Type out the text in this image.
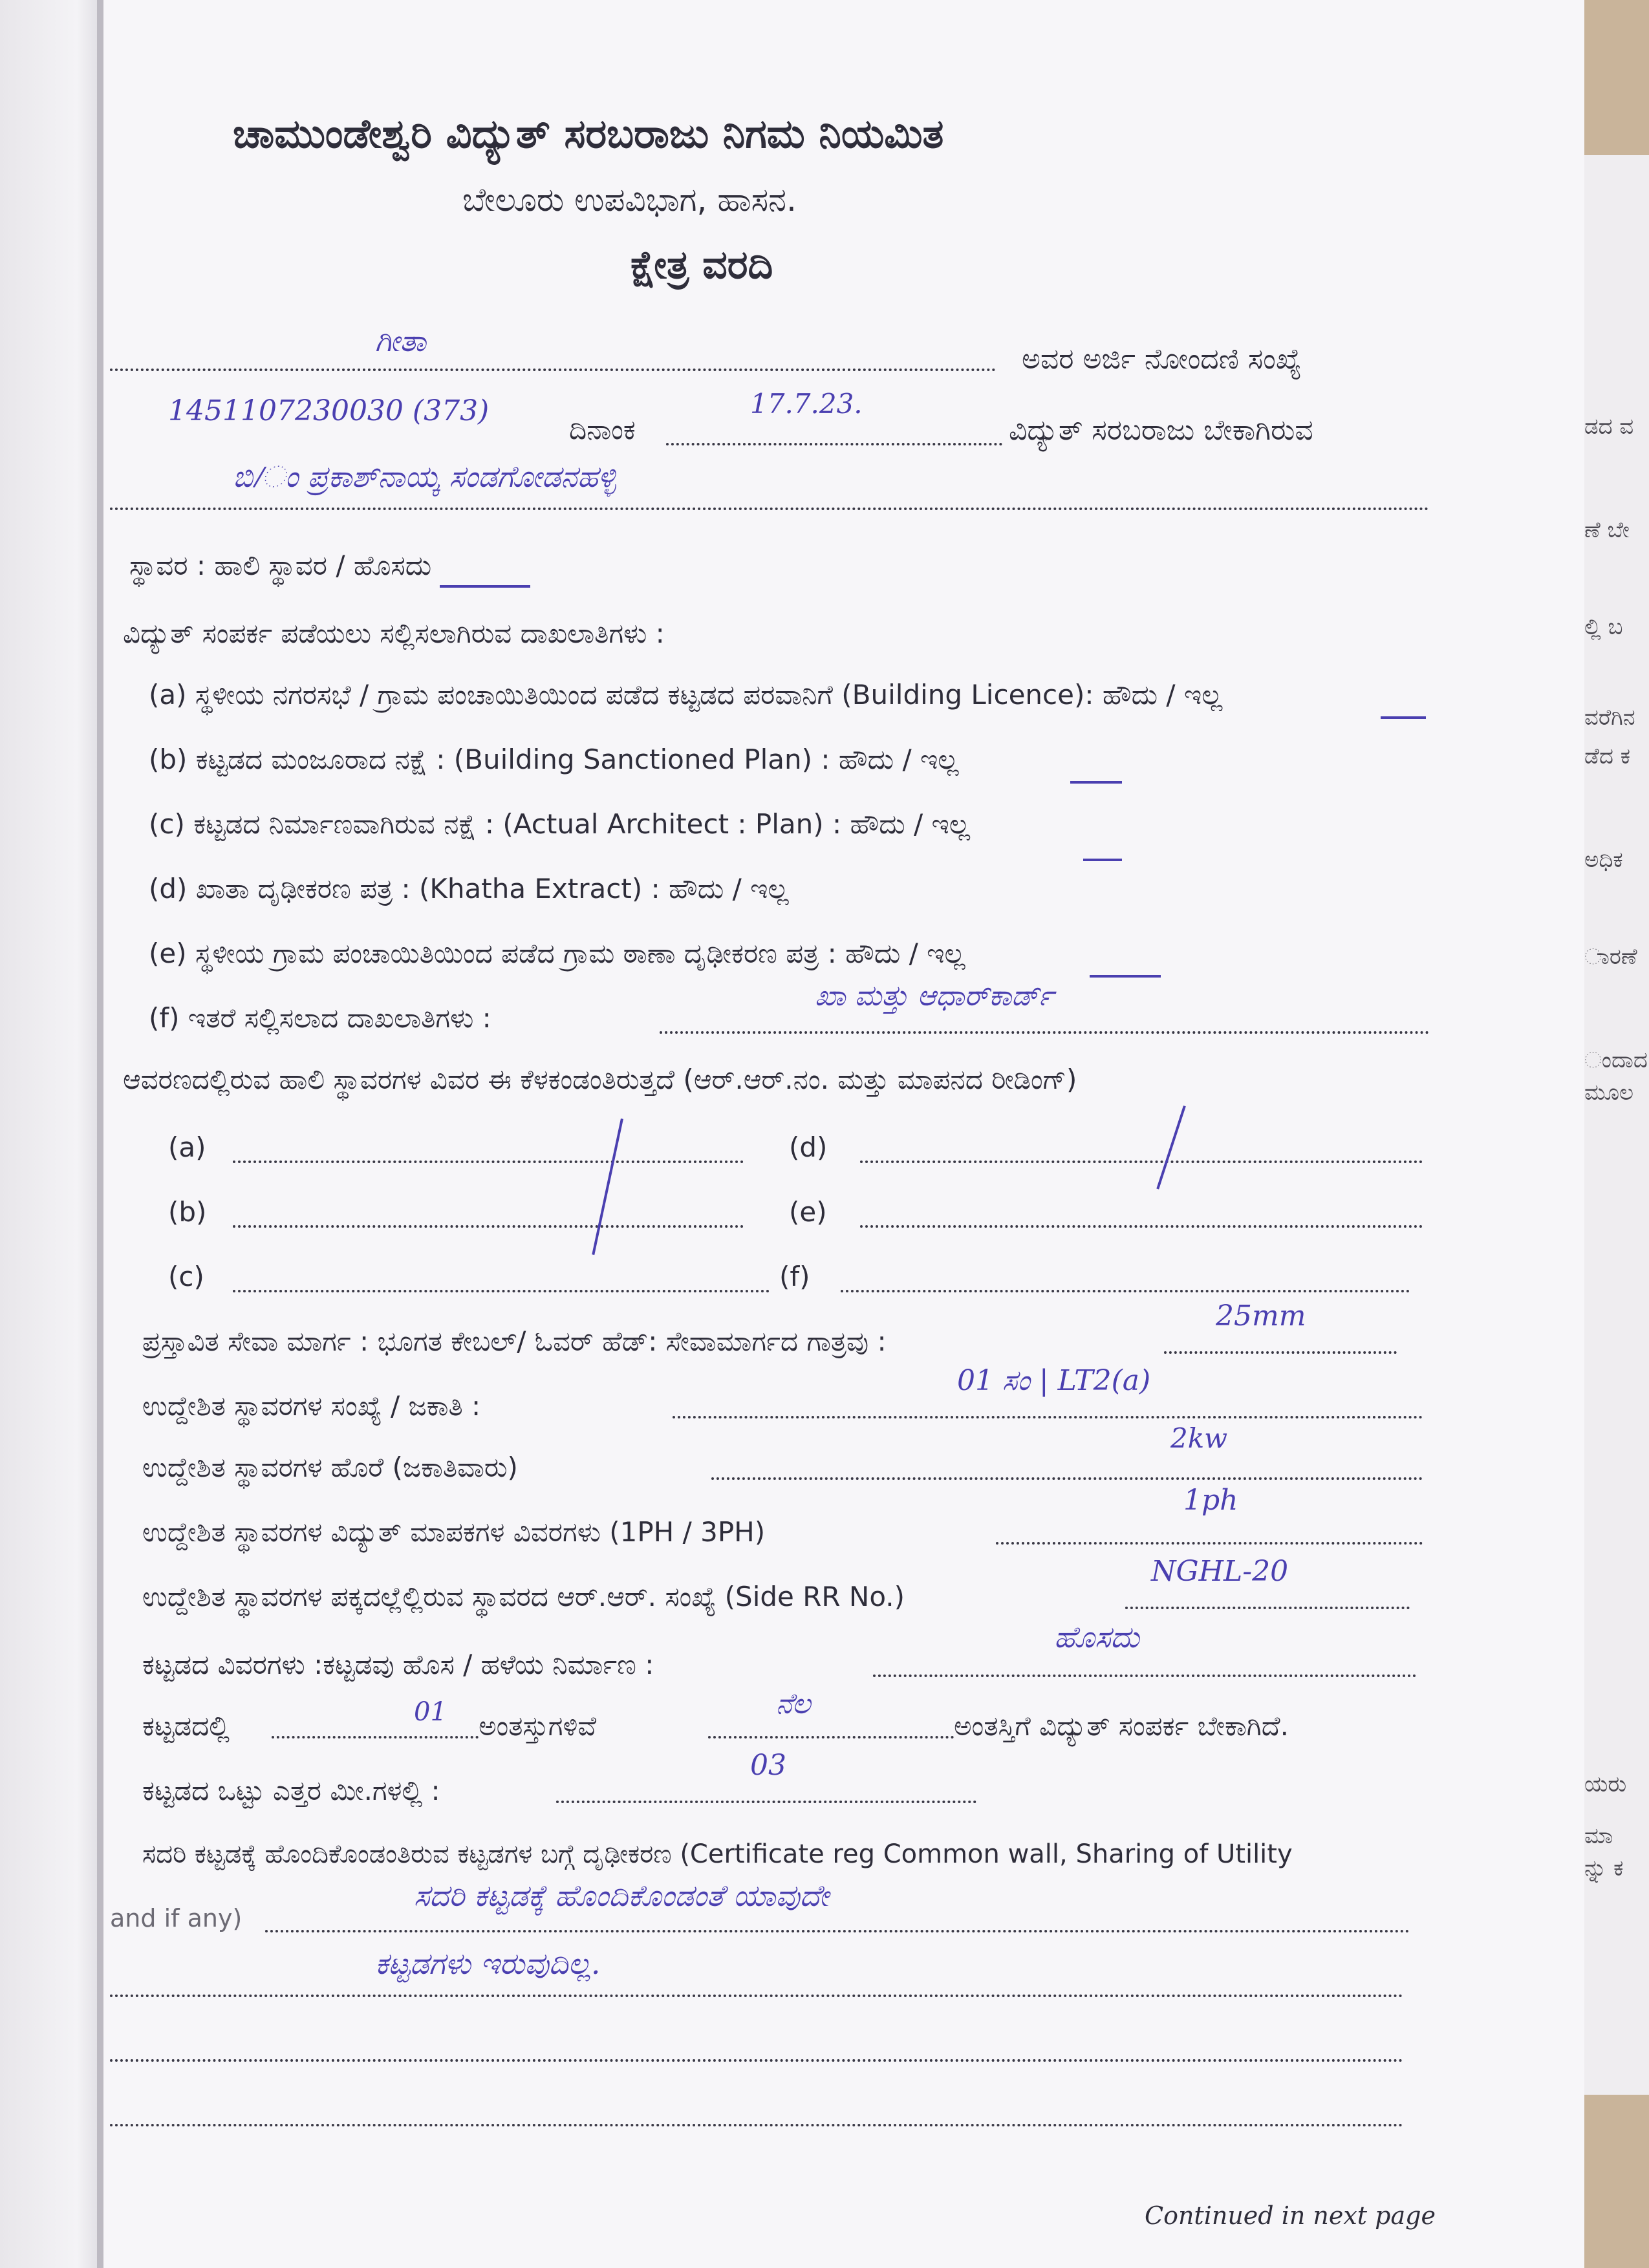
ಡದ ವ
ಣೆ ಬೇ
ಲ್ಲಿ ಬ
ವರೆಗಿನ
ಡೆದ ಕ
ಅಧಿಕ
ಾರಣೆ
ಂದಾದ
ಮೂಲ
ಯರು
ಮಾ
ನ್ನು ಕ
ಚಾಮುಂಡೇಶ್ವರಿ ವಿದ್ಯುತ್ ಸರಬರಾಜು ನಿಗಮ ನಿಯಮಿತ
ಬೇಲೂರು ಉಪವಿಭಾಗ, ಹಾಸನ.
ಕ್ಷೇತ್ರ ವರದಿ
ಗೀತಾ
ಅವರ ಅರ್ಜಿ ನೋಂದಣಿ ಸಂಖ್ಯೆ
1451107230030 (373)
ದಿನಾಂಕ
17.7.23.
ವಿದ್ಯುತ್ ಸರಬರಾಜು ಬೇಕಾಗಿರುವ
ಬಿ/ಂ ಪ್ರಕಾಶ್‌ನಾಯ್ಕ ಸಂಡಗೋಡನಹಳ್ಳಿ
ಸ್ಥಾವರ : ಹಾಲಿ ಸ್ಥಾವರ / ಹೊಸದು
ವಿದ್ಯುತ್ ಸಂಪರ್ಕ ಪಡೆಯಲು ಸಲ್ಲಿಸಲಾಗಿರುವ ದಾಖಲಾತಿಗಳು :
(a) ಸ್ಥಳೀಯ ನಗರಸಭೆ / ಗ್ರಾಮ ಪಂಚಾಯಿತಿಯಿಂದ ಪಡೆದ ಕಟ್ಟಡದ ಪರವಾನಿಗೆ (Building Licence): ಹೌದು / ಇಲ್ಲ
(b) ಕಟ್ಟಡದ ಮಂಜೂರಾದ ನಕ್ಷೆ : (Building Sanctioned Plan) : ಹೌದು / ಇಲ್ಲ
(c) ಕಟ್ಟಡದ ನಿರ್ಮಾಣವಾಗಿರುವ ನಕ್ಷೆ : (Actual Architect : Plan) : ಹೌದು / ಇಲ್ಲ
(d) ಖಾತಾ ದೃಢೀಕರಣ ಪತ್ರ : (Khatha Extract) : ಹೌದು / ಇಲ್ಲ
(e) ಸ್ಥಳೀಯ ಗ್ರಾಮ ಪಂಚಾಯಿತಿಯಿಂದ ಪಡೆದ ಗ್ರಾಮ ಠಾಣಾ ದೃಢೀಕರಣ ಪತ್ರ : ಹೌದು / ಇಲ್ಲ
(f) ಇತರೆ ಸಲ್ಲಿಸಲಾದ ದಾಖಲಾತಿಗಳು :
ಖಾ ಮತ್ತು ಆಧಾರ್‌ಕಾರ್ಡ್
ಆವರಣದಲ್ಲಿರುವ ಹಾಲಿ ಸ್ಥಾವರಗಳ ವಿವರ ಈ ಕೆಳಕಂಡಂತಿರುತ್ತದೆ (ಆರ್.ಆರ್.ನಂ. ಮತ್ತು ಮಾಪನದ ರೀಡಿಂಗ್)
(a)	(d)
(b)	(e)
(c)	(f)
ಪ್ರಸ್ತಾವಿತ ಸೇವಾ ಮಾರ್ಗ : ಭೂಗತ ಕೇಬಲ್/ ಓವರ್ ಹೆಡ್: ಸೇವಾಮಾರ್ಗದ ಗಾತ್ರವು :
25mm
ಉದ್ದೇಶಿತ ಸ್ಥಾವರಗಳ ಸಂಖ್ಯೆ / ಜಕಾತಿ :
01 ಸಂ | LT2(a)
ಉದ್ದೇಶಿತ ಸ್ಥಾವರಗಳ ಹೊರೆ (ಜಕಾತಿವಾರು)
2kw
ಉದ್ದೇಶಿತ ಸ್ಥಾವರಗಳ ವಿದ್ಯುತ್ ಮಾಪಕಗಳ ವಿವರಗಳು (1PH / 3PH)
1ph
ಉದ್ದೇಶಿತ ಸ್ಥಾವರಗಳ ಪಕ್ಕದಲ್ಲೆಲ್ಲಿರುವ ಸ್ಥಾವರದ ಆರ್.ಆರ್. ಸಂಖ್ಯೆ (Side RR No.)
NGHL-20
ಕಟ್ಟಡದ ವಿವರಗಳು :ಕಟ್ಟಡವು ಹೊಸ / ಹಳೆಯ ನಿರ್ಮಾಣ :
ಹೊಸದು
ಕಟ್ಟಡದಲ್ಲಿ	01 ಅಂತಸ್ತುಗಳಿವೆ
ನೆಲ
ಅಂತಸ್ತಿಗೆ ವಿದ್ಯುತ್ ಸಂಪರ್ಕ ಬೇಕಾಗಿದೆ.
ಕಟ್ಟಡದ ಒಟ್ಟು ಎತ್ತರ ಮೀ.ಗಳಲ್ಲಿ :
03
ಸದರಿ ಕಟ್ಟಡಕ್ಕೆ ಹೊಂದಿಕೊಂಡಂತಿರುವ ಕಟ್ಟಡಗಳ ಬಗ್ಗೆ ದೃಢೀಕರಣ (Certificate reg Common wall, Sharing of Utility
and if any)
ಸದರಿ ಕಟ್ಟಡಕ್ಕೆ ಹೊಂದಿಕೊಂಡಂತೆ ಯಾವುದೇ
ಕಟ್ಟಡಗಳು ಇರುವುದಿಲ್ಲ.
Continued in next page
